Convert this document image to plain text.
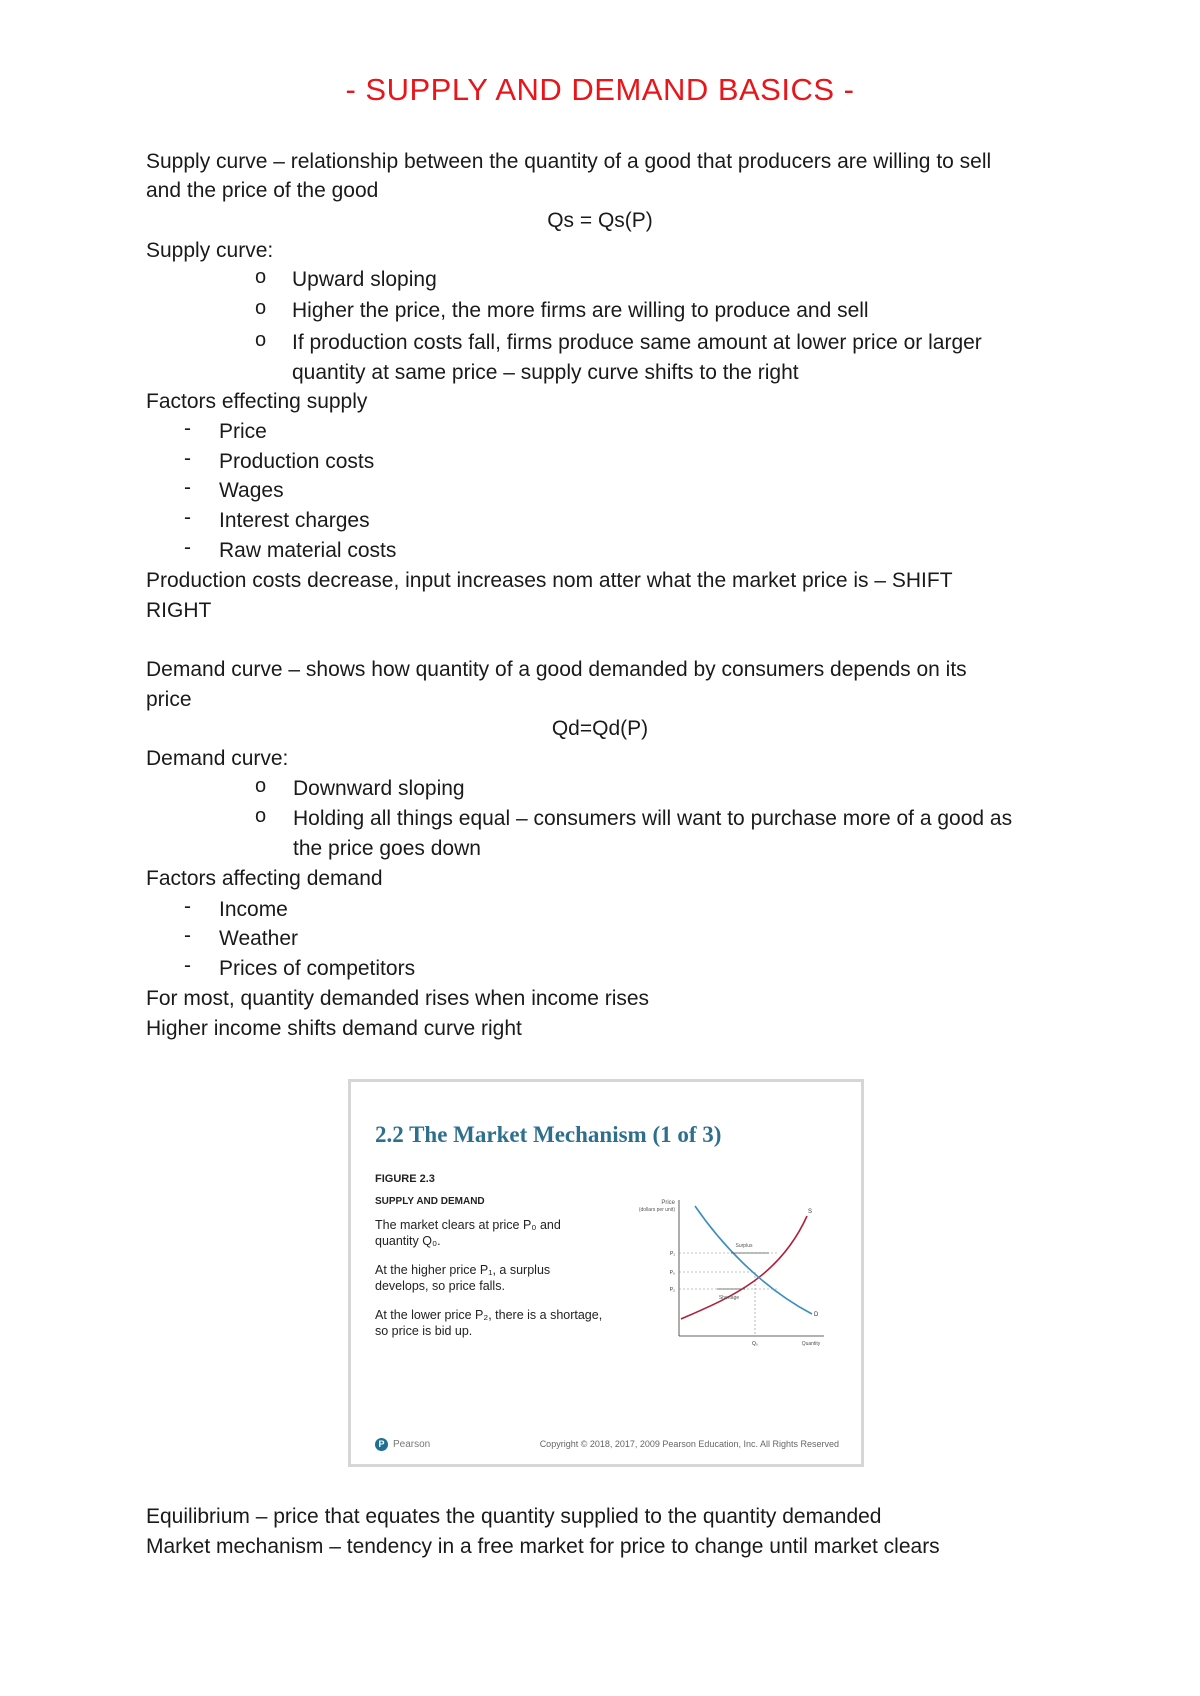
- SUPPLY AND DEMAND BASICS -
Supply curve – relationship between the quantity of a good that producers are willing to sell
and the price of the good
Qs = Qs(P)
Supply curve:
o Upward sloping
o Higher the price, the more firms are willing to produce and sell
o If production costs fall, firms produce same amount at lower price or larger
quantity at same price – supply curve shifts to the right
Factors effecting supply
- Price
- Production costs
- Wages
- Interest charges
- Raw material costs
Production costs decrease, input increases nom atter what the market price is – SHIFT
RIGHT
Demand curve – shows how quantity of a good demanded by consumers depends on its
price
Qd=Qd(P)
Demand curve:
o Downward sloping
o Holding all things equal – consumers will want to purchase more of a good as
the price goes down
Factors affecting demand
- Income
- Weather
- Prices of competitors
For most, quantity demanded rises when income rises
Higher income shifts demand curve right
2.2 The Market Mechanism (1 of 3)
FIGURE 2.3
SUPPLY AND DEMAND
The market clears at price P₀ and quantity Q₀.
At the higher price P₁, a surplus develops, so price falls.
At the lower price P₂, there is a shortage, so price is bid up.
Price
(dollars per unit)	S
D
Surplus
Shortage
P₁
P₀
P₂
Q₀	Quantity
P Pearson	Copyright © 2018, 2017, 2009 Pearson Education, Inc. All Rights Reserved
Equilibrium – price that equates the quantity supplied to the quantity demanded
Market mechanism – tendency in a free market for price to change until market clears
